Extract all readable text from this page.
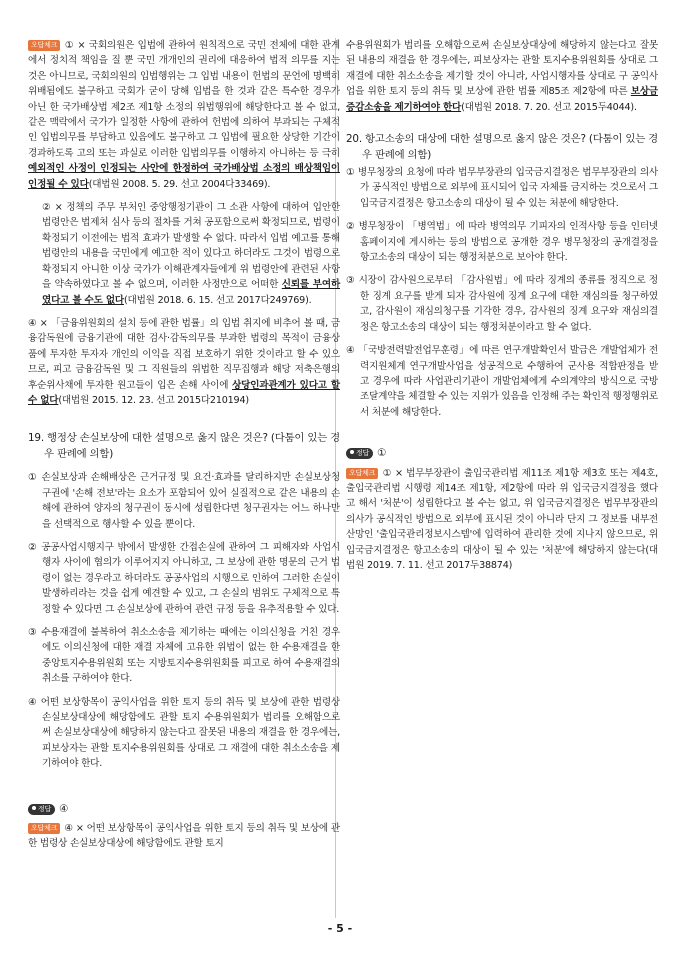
오답체크 ① × 국회의원은 입법에 관하여 원칙적으로 국민 전체에 대한 관계에서 정치적 책임을 질 뿐 국민 개개인의 권리에 대응하여 법적 의무를 지는 것은 아니므로, 국회의원의 입법행위는 그 입법 내용이 헌법의 문언에 명백히 위배됨에도 불구하고 국회가 굳이 당해 입법을 한 것과 같은 특수한 경우가 아닌 한 국가배상법 제2조 제1항 소정의 위법행위에 해당한다고 볼 수 없고, 같은 맥락에서 국가가 일정한 사항에 관하여 헌법에 의하여 부과되는 구체적인 입법의무를 부담하고 있음에도 불구하고 그 입법에 필요한 상당한 기간이 경과하도록 고의 또는 과실로 이러한 입법의무를 이행하지 아니하는 등 극히 예외적인 사정이 인정되는 사안에 한정하여 국가배상법 소정의 배상책임이 인정될 수 있다(대법원 2008. 5. 29. 선고 2004다33469).

② × 정책의 주무 부처인 중앙행정기관이 그 소관 사항에 대하여 입안한 법령안은 법제처 심사 등의 절차를 거쳐 공포함으로써 확정되므로, 법령이 확정되기 이전에는 법적 효과가 발생할 수 없다. 따라서 입법 예고를 통해 법령안의 내용을 국민에게 예고한 적이 있다고 하더라도 그것이 법령으로 확정되지 아니한 이상 국가가 이해관계자들에게 위 법령안에 관련된 사항을 약속하였다고 볼 수 없으며, 이러한 사정만으로 어떠한 신뢰를 부여하였다고 볼 수도 없다(대법원 2018. 6. 15. 선고 2017다249769).

④ × 「금융위원회의 설치 등에 관한 법률」의 입법 취지에 비추어 볼 때, 금융감독원에 금융기관에 대한 검사·감독의무를 부과한 법령의 목적이 금융상품에 투자한 투자자 개인의 이익을 직접 보호하기 위한 것이라고 할 수 있으므로, 피고 금융감독원 및 그 직원들의 위법한 직무집행과 해당 저축은행의 후순위사채에 투자한 원고들이 입은 손해 사이에 상당인과관계가 있다고 할 수 없다(대법원 2015. 12. 23. 선고 2015다210194)

19. 행정상 손실보상에 대한 설명으로 옳지 않은 것은? (다툼이 있는 경우 판례에 의함)

① 손실보상과 손해배상은 근거규정 및 요건·효과를 달리하지만 손실보상청구권에 '손해 전보'라는 요소가 포함되어 있어 실질적으로 같은 내용의 손해에 관하여 양자의 청구권이 동시에 성립한다면 청구권자는 어느 하나만을 선택적으로 행사할 수 있을 뿐이다.

② 공공사업시행지구 밖에서 발생한 간접손실에 관하여 그 피해자와 사업시행자 사이에 협의가 이루어지지 아니하고, 그 보상에 관한 명문의 근거 법령이 없는 경우라고 하더라도 공공사업의 시행으로 인하여 그러한 손실이 발생하리라는 것을 쉽게 예견할 수 있고, 그 손실의 범위도 구체적으로 특정할 수 있다면 그 손실보상에 관하여 관련 규정 등을 유추적용할 수 있다.

③ 수용재결에 불복하여 취소소송을 제기하는 때에는 이의신청을 거친 경우에도 이의신청에 대한 재결 자체에 고유한 위법이 없는 한 수용재결을 한 중앙토지수용위원회 또는 지방토지수용위원회를 피고로 하여 수용재결의 취소를 구하여야 한다.

④ 어떤 보상항목이 공익사업을 위한 토지 등의 취득 및 보상에 관한 법령상 손실보상대상에 해당함에도 관할 토지 수용위원회가 법리를 오해함으로써 손실보상대상에 해당하지 않는다고 잘못된 내용의 재결을 한 경우에는, 피보상자는 관할 토지수용위원회를 상대로 그 재결에 대한 취소소송을 제기하여야 한다.

정답 ④

오답체크 ④ × 어떤 보상항목이 공익사업을 위한 토지 등의 취득 및 보상에 관한 법령상 손실보상대상에 해당함에도 관할 토지

수용위원회가 법리를 오해함으로써 손실보상대상에 해당하지 않는다고 잘못된 내용의 재결을 한 경우에는, 피보상자는 관할 토지수용위원회를 상대로 그 재결에 대한 취소소송을 제기할 것이 아니라, 사업시행자를 상대로 구 공익사업을 위한 토지 등의 취득 및 보상에 관한 법률 제85조 제2항에 따른 보상금증감소송을 제기하여야 한다(대법원 2018. 7. 20. 선고 2015두4044).

20. 항고소송의 대상에 대한 설명으로 옳지 않은 것은? (다툼이 있는 경우 판례에 의함)

① 병무청장의 요청에 따라 법무부장관의 입국금지결정은 법무부장관의 의사가 공식적인 방법으로 외부에 표시되어 입국 자체를 금지하는 것으로서 그 입국금지결정은 항고소송의 대상이 될 수 있는 처분에 해당한다.

② 병무청장이 「병역법」에 따라 병역의무 기피자의 인적사항 등을 인터넷 홈페이지에 게시하는 등의 방법으로 공개한 경우 병무청장의 공개결정을 항고소송의 대상이 되는 행정처분으로 보아야 한다.

③ 시장이 감사원으로부터 「감사원법」에 따라 징계의 종류를 정직으로 정한 징계 요구를 받게 되자 감사원에 징계 요구에 대한 재심의를 청구하였고, 감사원이 재심의청구를 기각한 경우, 감사원의 징계 요구와 재심의결정은 항고소송의 대상이 되는 행정처분이라고 할 수 없다.

④ 「국방전력발전업무훈령」에 따른 연구개발확인서 발급은 개발업체가 전력지원체계 연구개발사업을 성공적으로 수행하여 군사용 적합판정을 받고 경우에 따라 사업관리기관이 개발업체에게 수의계약의 방식으로 국방조달계약을 체결할 수 있는 지위가 있음을 인정해 주는 확인적 행정행위로서 처분에 해당한다.

정답 ①

오답체크 ① × 법무부장관이 출입국관리법 제11조 제1항 제3호 또는 제4호, 출입국관리법 시행령 제14조 제1항, 제2항에 따라 위 입국금지결정을 했다고 해서 '처분'이 성립한다고 볼 수는 없고, 위 입국금지결정은 법무부장관의 의사가 공식적인 방법으로 외부에 표시된 것이 아니라 단지 그 정보를 내부전산망인 '출입국관리정보시스템'에 입력하여 관리한 것에 지나지 않으므로, 위 입국금지결정은 항고소송의 대상이 될 수 있는 '처분'에 해당하지 않는다(대법원 2019. 7. 11. 선고 2017두38874)

- 5 -
